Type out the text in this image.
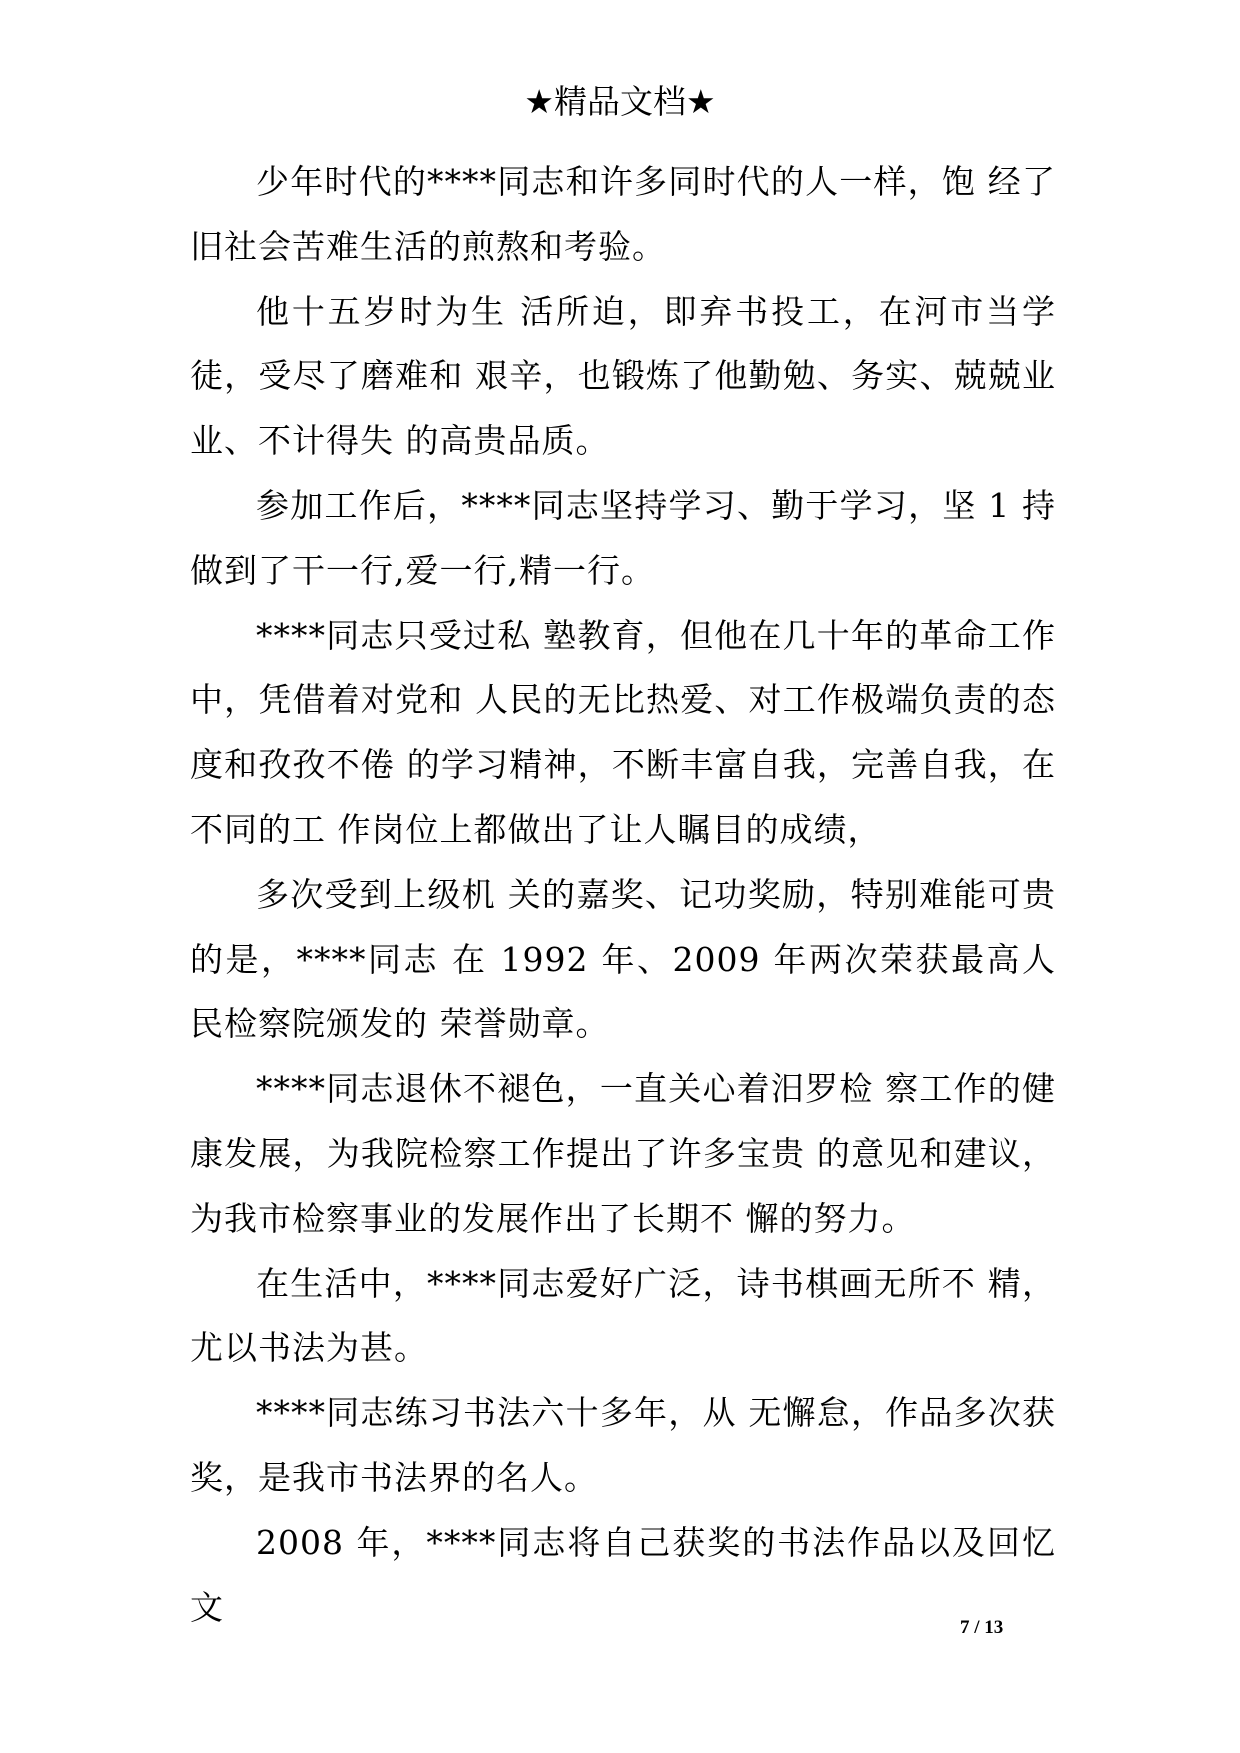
★精品文档★

少年时代的****同志和许多同时代的人一样，饱 经了旧社会苦难生活的煎熬和考验。

他十五岁时为生 活所迫，即弃书投工，在河市当学徒，受尽了磨难和 艰辛，也锻炼了他勤勉、务实、兢兢业业、不计得失 的高贵品质。

参加工作后，****同志坚持学习、勤于学习，坚 1 持做到了干一行,爱一行,精一行。

****同志只受过私 塾教育，但他在几十年的革命工作中，凭借着对党和 人民的无比热爱、对工作极端负责的态度和孜孜不倦 的学习精神，不断丰富自我，完善自我，在不同的工 作岗位上都做出了让人瞩目的成绩，

多次受到上级机 关的嘉奖、记功奖励，特别难能可贵的是，****同志 在 1992 年、2009 年两次荣获最高人民检察院颁发的 荣誉勋章。

****同志退休不褪色，一直关心着汨罗检 察工作的健康发展，为我院检察工作提出了许多宝贵 的意见和建议，为我市检察事业的发展作出了长期不 懈的努力。

在生活中，****同志爱好广泛，诗书棋画无所不 精，尤以书法为甚。

****同志练习书法六十多年，从 无懈怠，作品多次获奖，是我市书法界的名人。

2008 年，****同志将自己获奖的书法作品以及回忆文

7 / 13
